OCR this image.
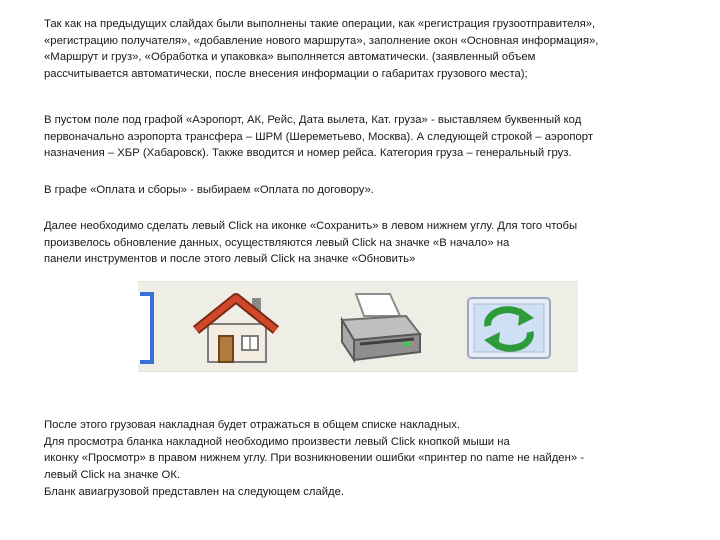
Так как на предыдущих слайдах были выполнены такие операции, как «регистрация грузоотправителя»,
«регистрацию получателя», «добавление нового маршрута», заполнение окон «Основная информация»,
«Маршрут и груз», «Обработка и упаковка» выполняется автоматически. (заявленный объем
рассчитывается автоматически, после внесения информации о габаритах грузового места);

В пустом поле под графой «Аэропорт, АК, Рейс, Дата вылета, Кат. груза» - выставляем буквенный код
первоначально аэропорта трансфера – ШРМ (Шереметьево, Москва). А следующей строкой – аэропорт
назначения – ХБР (Хабаровск). Также вводится и номер рейса. Категория груза – генеральный груз.

В графе «Оплата и сборы» - выбираем «Оплата по договору».

Далее необходимо сделать левый Click на иконке «Сохранить» в левом нижнем углу. Для того чтобы
произвелось обновление данных, осуществляются левый Click на значке «В начало» на
панели инструментов и после этого левый Click на значке «Обновить»

После этого грузовая накладная будет отражаться в общем списке накладных.
Для просмотра бланка накладной необходимо произвести левый Click кнопкой мыши на
иконку «Просмотр» в правом нижнем углу. При возникновении ошибки «принтер no name не найден» -
левый Click на значке ОК.
Бланк авиагрузовой представлен на следующем слайде.
